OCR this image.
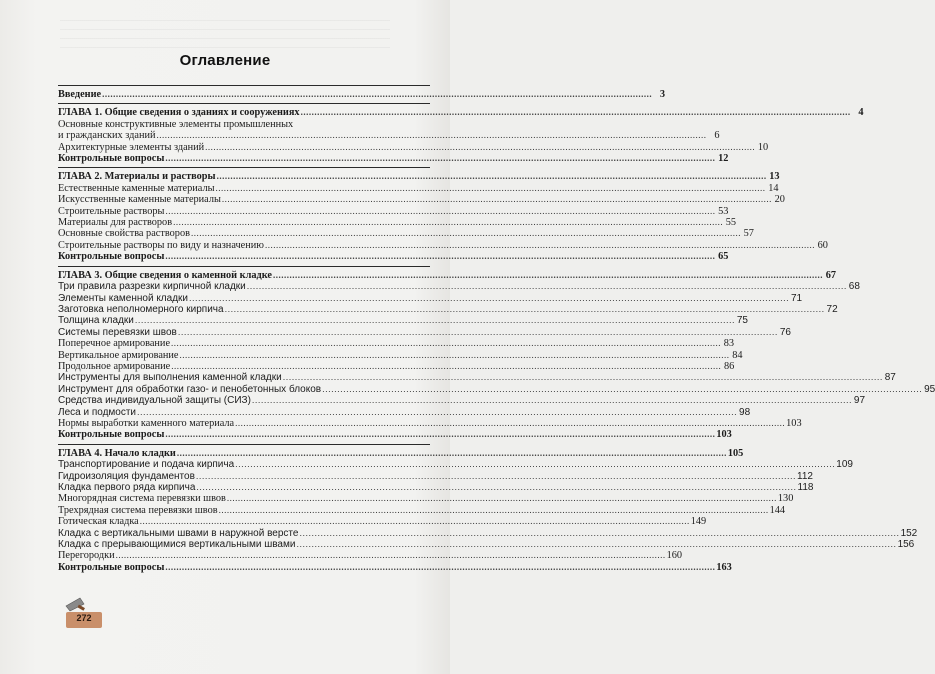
Оглавление
Введение ........................................................................................................................................................................................................ 3
ГЛАВА 1. Общие сведения о зданиях и сооружениях ........................................................................................................................................................................................................ 4
Основные конструктивные элементы промышленных
и гражданских зданий ........................................................................................................................................................................................................ 6
Архитектурные элементы зданий ........................................................................................................................................................................................................ 10
Контрольные вопросы ........................................................................................................................................................................................................ 12
ГЛАВА 2. Материалы и растворы ........................................................................................................................................................................................................ 13
Естественные каменные материалы ........................................................................................................................................................................................................ 14
Искусственные каменные материалы ........................................................................................................................................................................................................ 20
Строительные растворы ........................................................................................................................................................................................................ 53
Материалы для растворов ........................................................................................................................................................................................................ 55
Основные свойства растворов ........................................................................................................................................................................................................ 57
Строительные растворы по виду и назначению ........................................................................................................................................................................................................ 60
Контрольные вопросы ........................................................................................................................................................................................................ 65
ГЛАВА 3. Общие сведения о каменной кладке ........................................................................................................................................................................................................ 67
Три правила разрезки кирпичной кладки ........................................................................................................................................................................................................ 68
Элементы каменной кладки ........................................................................................................................................................................................................ 71
Заготовка неполномерного кирпича ........................................................................................................................................................................................................ 72
Толщина кладки ........................................................................................................................................................................................................ 75
Системы перевязки швов ........................................................................................................................................................................................................ 76
Поперечное армирование ........................................................................................................................................................................................................ 83
Вертикальное армирование ........................................................................................................................................................................................................ 84
Продольное армирование ........................................................................................................................................................................................................ 86
Инструменты для выполнения каменной кладки ........................................................................................................................................................................................................ 87
Инструмент для обработки газо- и пенобетонных блоков ........................................................................................................................................................................................................ 95
Средства индивидуальной защиты (СИЗ) ........................................................................................................................................................................................................ 97
Леса и подмости ........................................................................................................................................................................................................ 98
Нормы выработки каменного материала ........................................................................................................................................................................................................ 103
Контрольные вопросы ........................................................................................................................................................................................................ 103
ГЛАВА 4. Начало кладки ........................................................................................................................................................................................................ 105
Транспортирование и подача кирпича ........................................................................................................................................................................................................ 109
Гидроизоляция фундаментов ........................................................................................................................................................................................................ 112
Кладка первого ряда кирпича ........................................................................................................................................................................................................ 118
Многорядная система перевязки швов ........................................................................................................................................................................................................ 130
Трехрядная система перевязки швов ........................................................................................................................................................................................................ 144
Готическая кладка ........................................................................................................................................................................................................ 149
Кладка с вертикальными швами в наружной версте ........................................................................................................................................................................................................ 152
Кладка с прерывающимися вертикальными швами ........................................................................................................................................................................................................ 156
Перегородки ........................................................................................................................................................................................................ 160
Контрольные вопросы ........................................................................................................................................................................................................ 163
272
